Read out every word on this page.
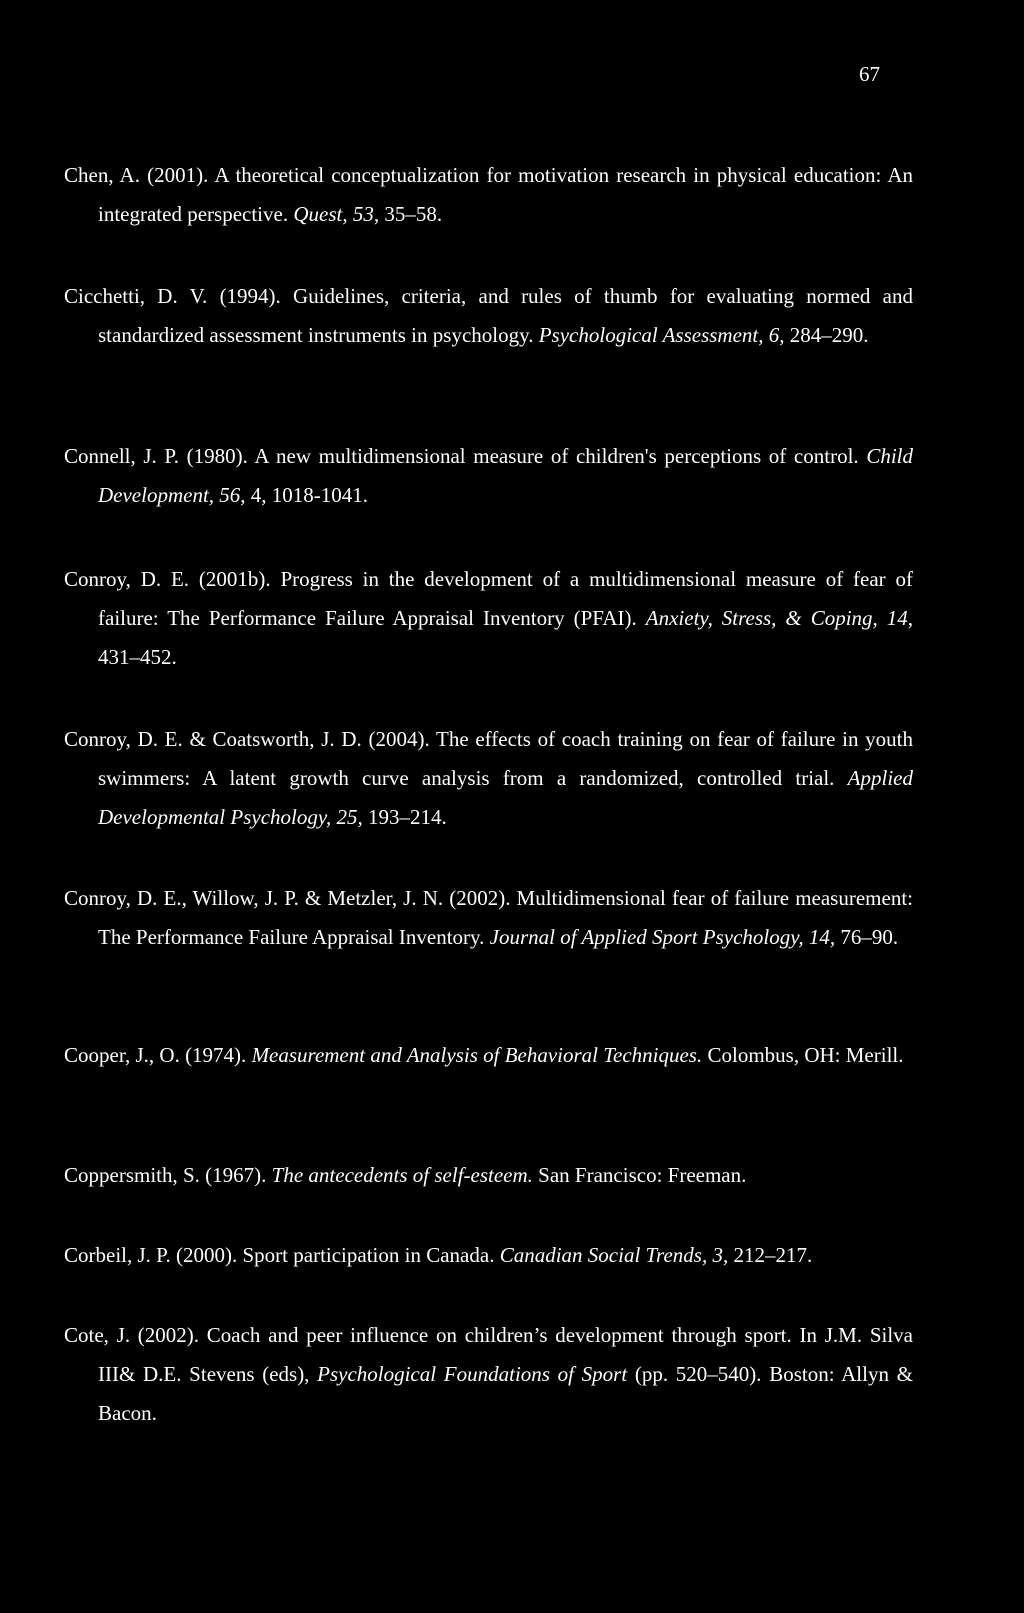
67
Chen, A. (2001). A theoretical conceptualization for motivation research in physical education: An integrated perspective. Quest, 53, 35–58.
Cicchetti, D. V. (1994). Guidelines, criteria, and rules of thumb for evaluating normed and standardized assessment instruments in psychology. Psychological Assessment, 6, 284–290.
Connell, J. P. (1980). A new multidimensional measure of children's perceptions of control. Child Development, 56, 4, 1018-1041.
Conroy, D. E. (2001b). Progress in the development of a multidimensional measure of fear of failure: The Performance Failure Appraisal Inventory (PFAI). Anxiety, Stress, & Coping, 14, 431–452.
Conroy, D. E. & Coatsworth, J. D. (2004). The effects of coach training on fear of failure in youth swimmers: A latent growth curve analysis from a randomized, controlled trial. Applied Developmental Psychology, 25, 193–214.
Conroy, D. E., Willow, J. P. & Metzler, J. N. (2002). Multidimensional fear of failure measurement: The Performance Failure Appraisal Inventory. Journal of Applied Sport Psychology, 14, 76–90.
Cooper, J., O. (1974). Measurement and Analysis of Behavioral Techniques. Colombus, OH: Merill.
Coppersmith, S. (1967). The antecedents of self-esteem. San Francisco: Freeman.
Corbeil, J. P. (2000). Sport participation in Canada. Canadian Social Trends, 3, 212–217.
Cote, J. (2002). Coach and peer influence on children’s development through sport. In J.M. Silva III& D.E. Stevens (eds), Psychological Foundations of Sport (pp. 520–540). Boston: Allyn & Bacon.
